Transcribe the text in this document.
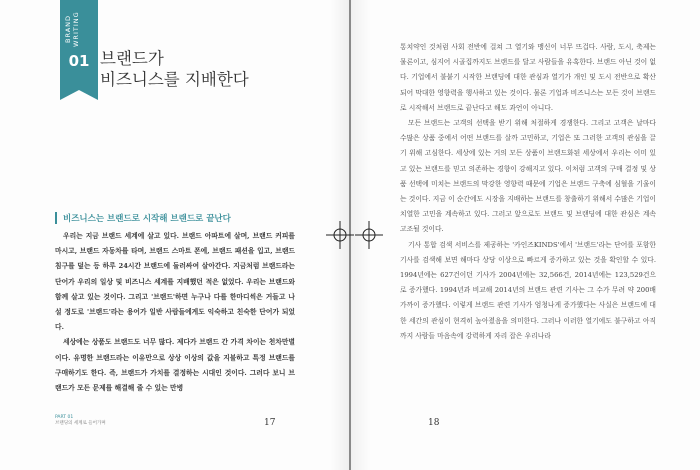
BRAND WRITING
01 브랜드가
비즈니스를 지배한다
비즈니스는 브랜드로 시작해 브랜드로 끝난다

우리는 지금 브랜드 세계에 살고 있다. 브랜드 아파트에 살며, 브랜드 커피를 마시고, 브랜드 자동차를 타며, 브랜드 스마트 폰에, 브랜드 패션을 입고, 브랜드 침구를 덮는 등 하루 24시간 브랜드에 둘러싸여 살아간다. 지금처럼 브랜드라는 단어가 우리의 일상 및 비즈니스 세계를 지배했던 적은 없었다. 우리는 브랜드와 함께 살고 있는 것이다. 그리고 '브랜드'하면 누구나 다를 한마디씩은 거들고 나설 정도로 '브랜드'라는 용어가 일반 사람들에게도 익숙하고 친숙한 단어가 되었다.

세상에는 상품도 브랜드도 너무 많다. 제다가 브랜드 간 가격 차이는 천차만별이다. 유명한 브랜드라는 이유만으로 상상 이상의 값을 지불하고 특정 브랜드를 구매하기도 한다. 즉, 브랜드가 가치를 결정하는 시대인 것이다. 그러다 보니 브랜드가 모든 문제를 해결해 줄 수 있는 만병

PART 01
브랜딩의 세계로 들어가며	17

통치약인 것처럼 사회 전반에 걸쳐 그 열기와 맹신이 너무 뜨겁다. 사람, 도시, 축제는 물론이고, 심지어 시골집까지도 브랜드를 달고 사람들을 유혹한다. 브랜드 아닌 것이 없다. 기업에서 불붙기 시작한 브랜딩에 대한 관심과 열기가 개인 및 도시 전반으로 확산되어 막대한 영향력을 행사하고 있는 것이다. 물론 기업과 비즈니스는 모든 것이 브랜드로 시작해서 브랜드로 끝난다고 해도 과언이 아니다.

모든 브랜드는 고객의 선택을 받기 위해 처절하게 경쟁한다. 그리고 고객은 날마다 수많은 상품 중에서 어떤 브랜드를 살까 고민하고, 기업은 또 그러한 고객의 관심을 끌기 위해 고심한다. 세상에 있는 거의 모든 상품이 브랜드화된 세상에서 우리는 이미 있고 있는 브랜드를 믿고 의존하는 경향이 강해지고 있다. 이처럼 고객의 구매 결정 및 상품 선택에 미치는 브랜드의 막강한 영향력 때문에 기업은 브랜드 구축에 심혈을 기울이는 것이다. 지금 이 순간에도 시장을 지배하는 브랜드를 창출하기 위해서 수많은 기업이 치열한 고민을 계속하고 있다. 그러고 앞으로도 브랜드 및 브랜딩에 대한 관심은 계속 고조될 것이다.

기사 통합 검색 서비스를 제공하는 '카인즈KINDS'에서 '브랜드'라는 단어를 포함한 기사를 검색해 보면 해마다 상당 이상으로 빠르게 증가하고 있는 것을 확인할 수 있다. 1994년에는 627건이던 기사가 2004년에는 32,566건, 2014년에는 123,529건으로 증가했다. 1994년과 비교해 2014년의 브랜드 관련 기사는 그 수가 무려 약 200배 가까이 증가했다. 이렇게 브랜드 관련 기사가 엄청나게 증가했다는 사실은 브랜드에 대한 세간의 관심이 현격히 높아졌음을 의미한다. 그러나 이러한 열기에도 불구하고 아직까지 사람들 마음속에 강력하게 자리 잡은 우리나라

18
